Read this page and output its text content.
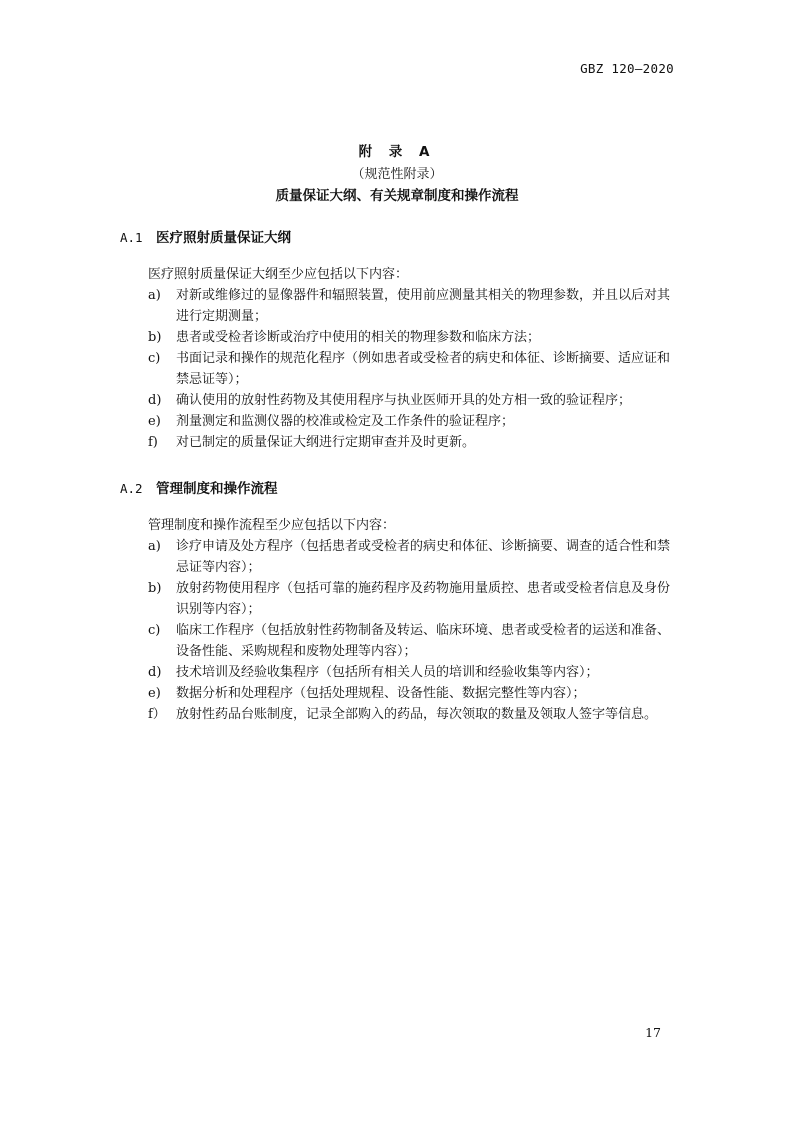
GBZ 120—2020
附 录 A
（规范性附录）
质量保证大纲、有关规章制度和操作流程
A.1 医疗照射质量保证大纲
医疗照射质量保证大纲至少应包括以下内容：
a) 对新或维修过的显像器件和辐照装置，使用前应测量其相关的物理参数，并且以后对其进行定期测量；
b) 患者或受检者诊断或治疗中使用的相关的物理参数和临床方法；
c) 书面记录和操作的规范化程序（例如患者或受检者的病史和体征、诊断摘要、适应证和禁忌证等）；
d) 确认使用的放射性药物及其使用程序与执业医师开具的处方相一致的验证程序；
e) 剂量测定和监测仪器的校准或检定及工作条件的验证程序；
f) 对已制定的质量保证大纲进行定期审查并及时更新。
A.2 管理制度和操作流程
管理制度和操作流程至少应包括以下内容：
a) 诊疗申请及处方程序（包括患者或受检者的病史和体征、诊断摘要、调查的适合性和禁忌证等内容）；
b) 放射药物使用程序（包括可靠的施药程序及药物施用量质控、患者或受检者信息及身份识别等内容）；
c) 临床工作程序（包括放射性药物制备及转运、临床环境、患者或受检者的运送和准备、设备性能、采购规程和废物处理等内容）；
d) 技术培训及经验收集程序（包括所有相关人员的培训和经验收集等内容）；
e) 数据分析和处理程序（包括处理规程、设备性能、数据完整性等内容）；
f） 放射性药品台账制度，记录全部购入的药品，每次领取的数量及领取人签字等信息。
17
